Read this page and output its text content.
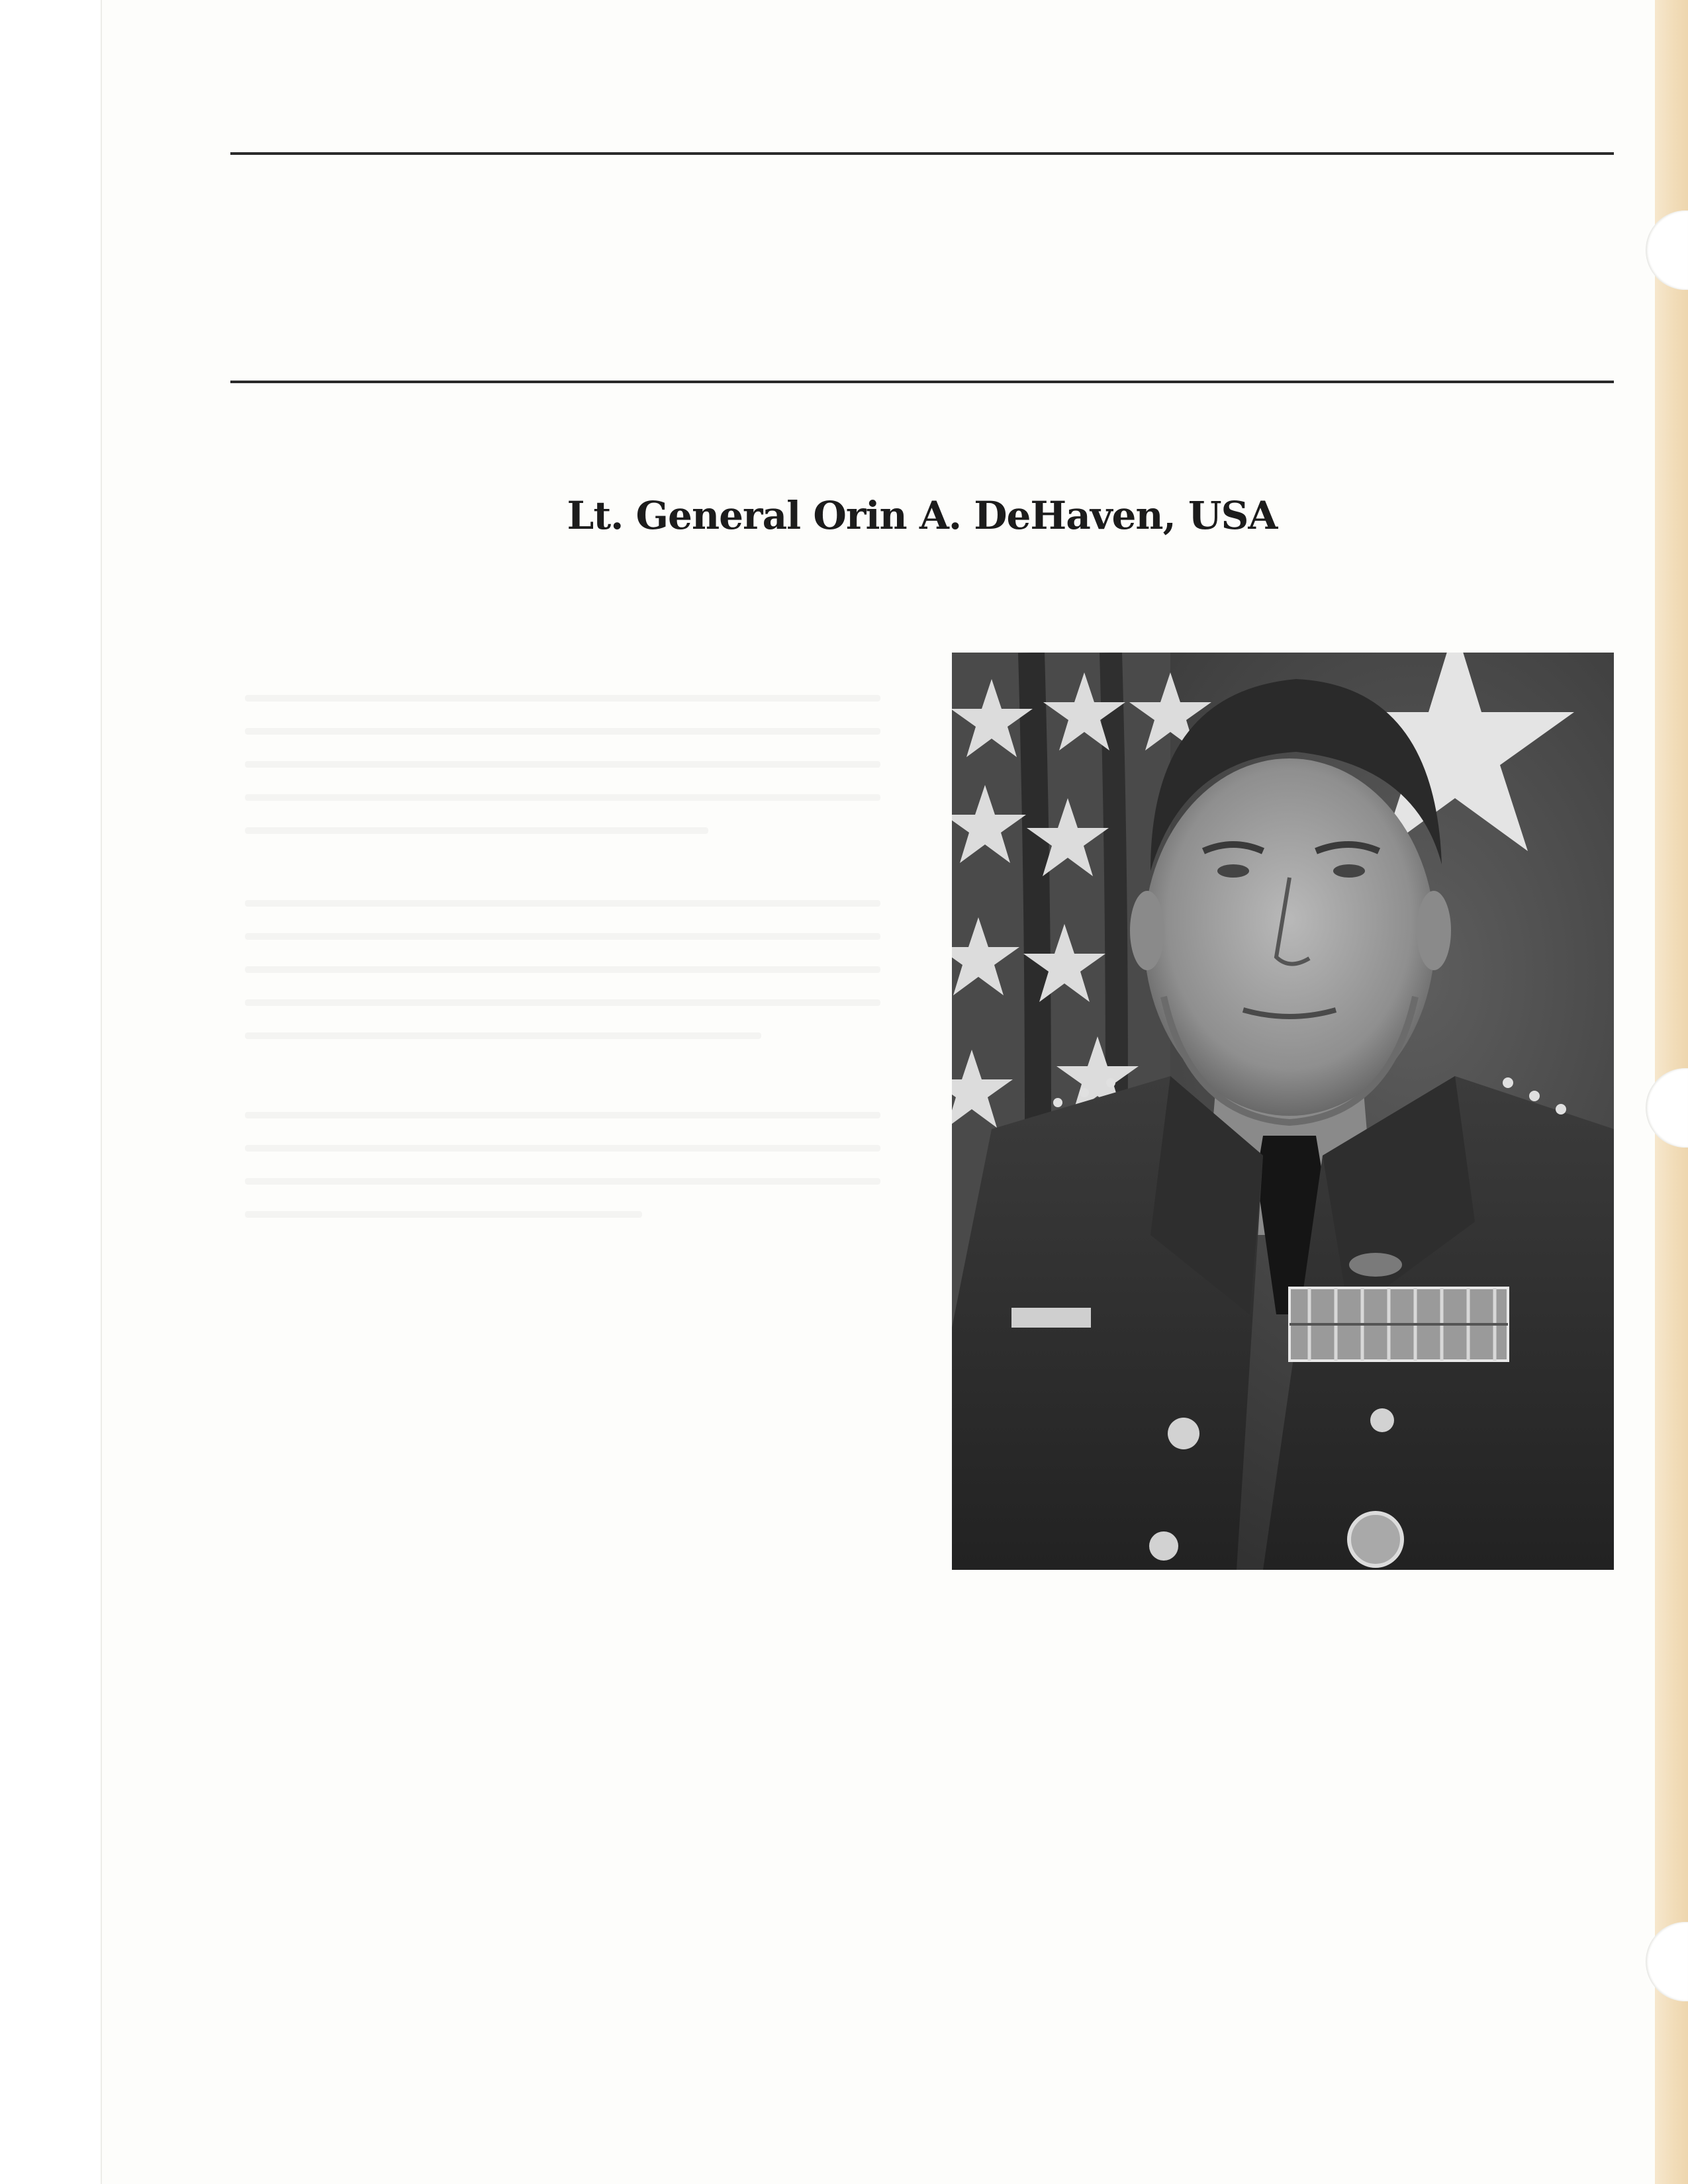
Lt. General Orin A. DeHaven, USA
